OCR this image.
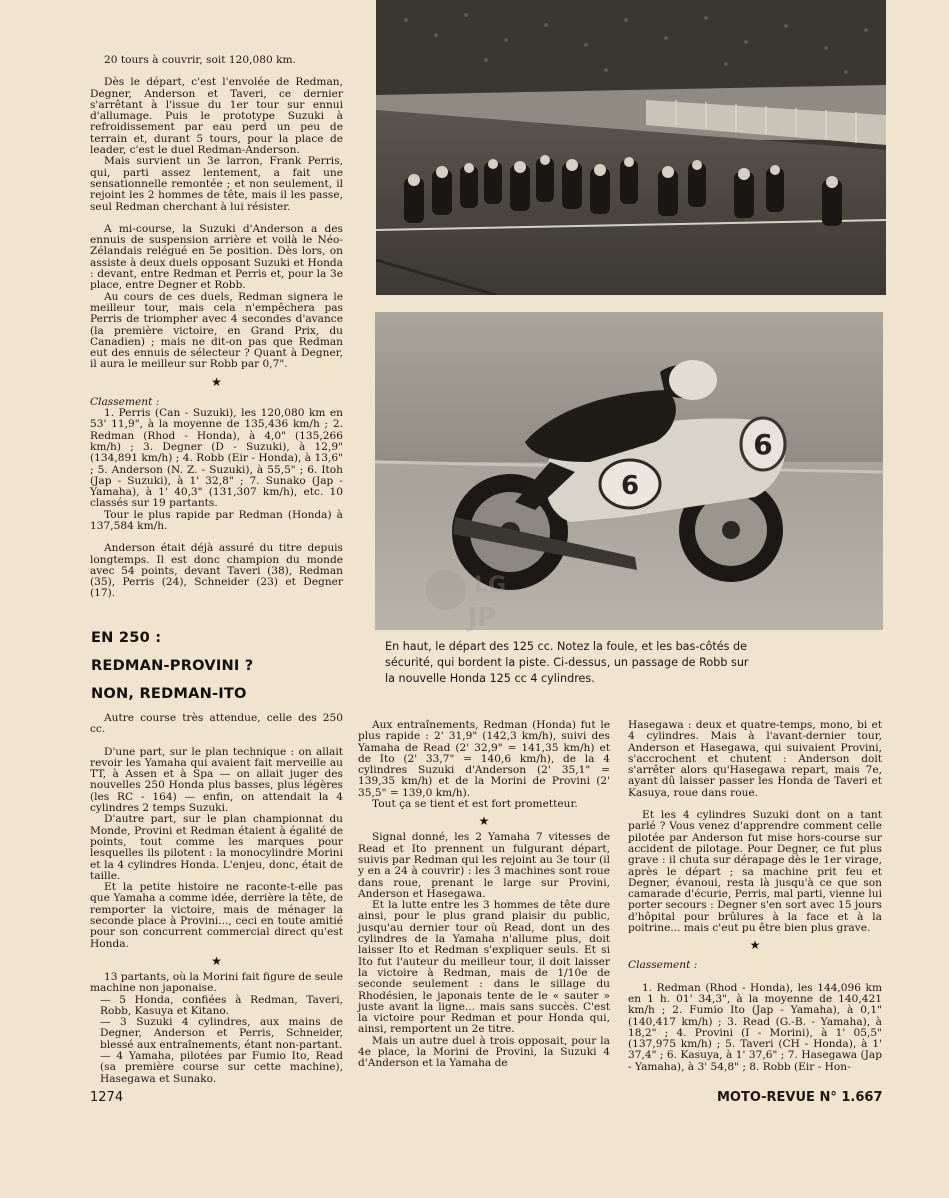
20 tours à couvrir, soit 120,080 km.

Dès le départ, c'est l'envolée de Redman, Degner, Anderson et Taveri, ce dernier s'arrêtant à l'issue du 1er tour sur ennui d'allumage. Puis le prototype Suzuki à refroidissement par eau perd un peu de terrain et, durant 5 tours, pour la place de leader, c'est le duel Redman-Anderson.

Mais survient un 3e larron, Frank Perris, qui, parti assez lentement, a fait une sensationnelle remontée ; et non seulement, il rejoint les 2 hommes de tête, mais il les passe, seul Redman cherchant à lui résister.

A mi-course, la Suzuki d'Anderson a des ennuis de suspension arrière et voilà le Néo-Zélandais relégué en 5e position. Dès lors, on assiste à deux duels opposant Suzuki et Honda : devant, entre Redman et Perris et, pour la 3e place, entre Degner et Robb.

Au cours de ces duels, Redman signera le meilleur tour, mais cela n'empêchera pas Perris de triompher avec 4 secondes d'avance (la première victoire, en Grand Prix, du Canadien) ; mais ne dit-on pas que Redman eut des ennuis de sélecteur ? Quant à Degner, il aura le meilleur sur Robb par 0,7".

★

Classement :

1. Perris (Can - Suzuki), les 120,080 km en 53' 11,9", à la moyenne de 135,436 km/h ; 2. Redman (Rhod - Honda), à 4,0" (135,266 km/h) ; 3. Degner (D - Suzuki), à 12,9" (134,891 km/h) ; 4. Robb (Eir - Honda), à 13,6" ; 5. Anderson (N. Z. - Suzuki), à 55,5" ; 6. Itoh (Jap - Suzuki), à 1' 32,8" ; 7. Sunako (Jap - Yamaha), à 1' 40,3" (131,307 km/h), etc. 10 classés sur 19 partants.

Tour le plus rapide par Redman (Honda) à 137,584 km/h.

Anderson était déjà assuré du titre depuis longtemps. Il est donc champion du monde avec 54 points, devant Taveri (38), Redman (35), Perris (24), Schneider (23) et Degner (17).

6
6
LG
JP
En haut, le départ des 125 cc. Notez la foule, et les bas-côtés de sécurité, qui bordent la piste. Ci-dessus, un passage de Robb sur la nouvelle Honda 125 cc 4 cylindres.
EN 250 :
REDMAN-PROVINI ?
NON, REDMAN-ITO

Autre course très attendue, celle des 250 cc.

D'une part, sur le plan technique : on allait revoir les Yamaha qui avaient fait merveille au TT, à Assen et à Spa — on allait juger des nouvelles 250 Honda plus basses, plus légères (les RC - 164) — enfin, on attendait la 4 cylindres 2 temps Suzuki.

D'autre part, sur le plan championnat du Monde, Provini et Redman étaient à égalité de points, tout comme les marques pour lesquelles ils pilotent : la monocylindre Morini et la 4 cylindres Honda. L'enjeu, donc, était de taille.

Et la petite histoire ne raconte-t-elle pas que Yamaha a comme idée, derrière la tête, de remporter la victoire, mais de ménager la seconde place à Provini..., ceci en toute amitié pour son concurrent commercial direct qu'est Honda.

★

13 partants, où la Morini fait figure de seule machine non japonaise.

— 5 Honda, confiées à Redman, Taveri, Robb, Kasuya et Kitano.

— 3 Suzuki 4 cylindres, aux mains de Degner, Anderson et Perris, Schneider, blessé aux entraînements, étant non-partant.

— 4 Yamaha, pilotées par Fumio Ito, Read (sa première course sur cette machine), Hasegawa et Sunako.

Aux entraînements, Redman (Honda) fut le plus rapide : 2' 31,9" (142,3 km/h), suivi des Yamaha de Read (2' 32,9" = 141,35 km/h) et de Ito (2' 33,7" = 140,6 km/h), de la 4 cylindres Suzuki d'Anderson (2' 35,1" = 139,35 km/h) et de la Morini de Provini (2' 35,5" = 139,0 km/h).

Tout ça se tient et est fort prometteur.

★

Signal donné, les 2 Yamaha 7 vitesses de Read et Ito prennent un fulgurant départ, suivis par Redman qui les rejoint au 3e tour (il y en a 24 à couvrir) : les 3 machines sont roue dans roue, prenant le large sur Provini, Anderson et Hasegawa.

Et la lutte entre les 3 hommes de tête dure ainsi, pour le plus grand plaisir du public, jusqu'au dernier tour où Read, dont un des cylindres de la Yamaha n'allume plus, doit laisser Ito et Redman s'expliquer seuls. Et si Ito fut l'auteur du meilleur tour, il doit laisser la victoire à Redman, mais de 1/10e de seconde seulement : dans le sillage du Rhodésien, le japonais tente de le « sauter » juste avant la ligne... mais sans succès. C'est la victoire pour Redman et pour Honda qui, ainsi, remportent un 2e titre.

Mais un autre duel à trois opposait, pour la 4e place, la Morini de Provini, la Suzuki 4 d'Anderson et la Yamaha de

Hasegawa : deux et quatre-temps, mono, bi et 4 cylindres. Mais à l'avant-dernier tour, Anderson et Hasegawa, qui suivaient Provini, s'accrochent et chutent : Anderson doit s'arrêter alors qu'Hasegawa repart, mais 7e, ayant dû laisser passer les Honda de Taveri et Kasuya, roue dans roue.

Et les 4 cylindres Suzuki dont on a tant parlé ? Vous venez d'apprendre comment celle pilotée par Anderson fut mise hors-course sur accident de pilotage. Pour Degner, ce fut plus grave : il chuta sur dérapage dès le 1er virage, après le départ ; sa machine prit feu et Degner, évanoui, resta là jusqu'à ce que son camarade d'écurie, Perris, mal parti, vienne lui porter secours : Degner s'en sort avec 15 jours d'hôpital pour brûlures à la face et à la poitrine... mais c'eut pu être bien plus grave.

★

Classement :

1. Redman (Rhod - Honda), les 144,096 km en 1 h. 01' 34,3", à la moyenne de 140,421 km/h ; 2. Fumio Ito (Jap - Yamaha), à 0,1" (140,417 km/h) ; 3. Read (G.-B. - Yamaha), à 18,2" ; 4. Provini (I - Morini), à 1' 05,5" (137,975 km/h) ; 5. Taveri (CH - Honda), à 1' 37,4" ; 6. Kasuya, à 1' 37,6" ; 7. Hasegawa (Jap - Yamaha), à 3' 54,8" ; 8. Robb (Eir - Hon-

1274	MOTO-REVUE N° 1.667
